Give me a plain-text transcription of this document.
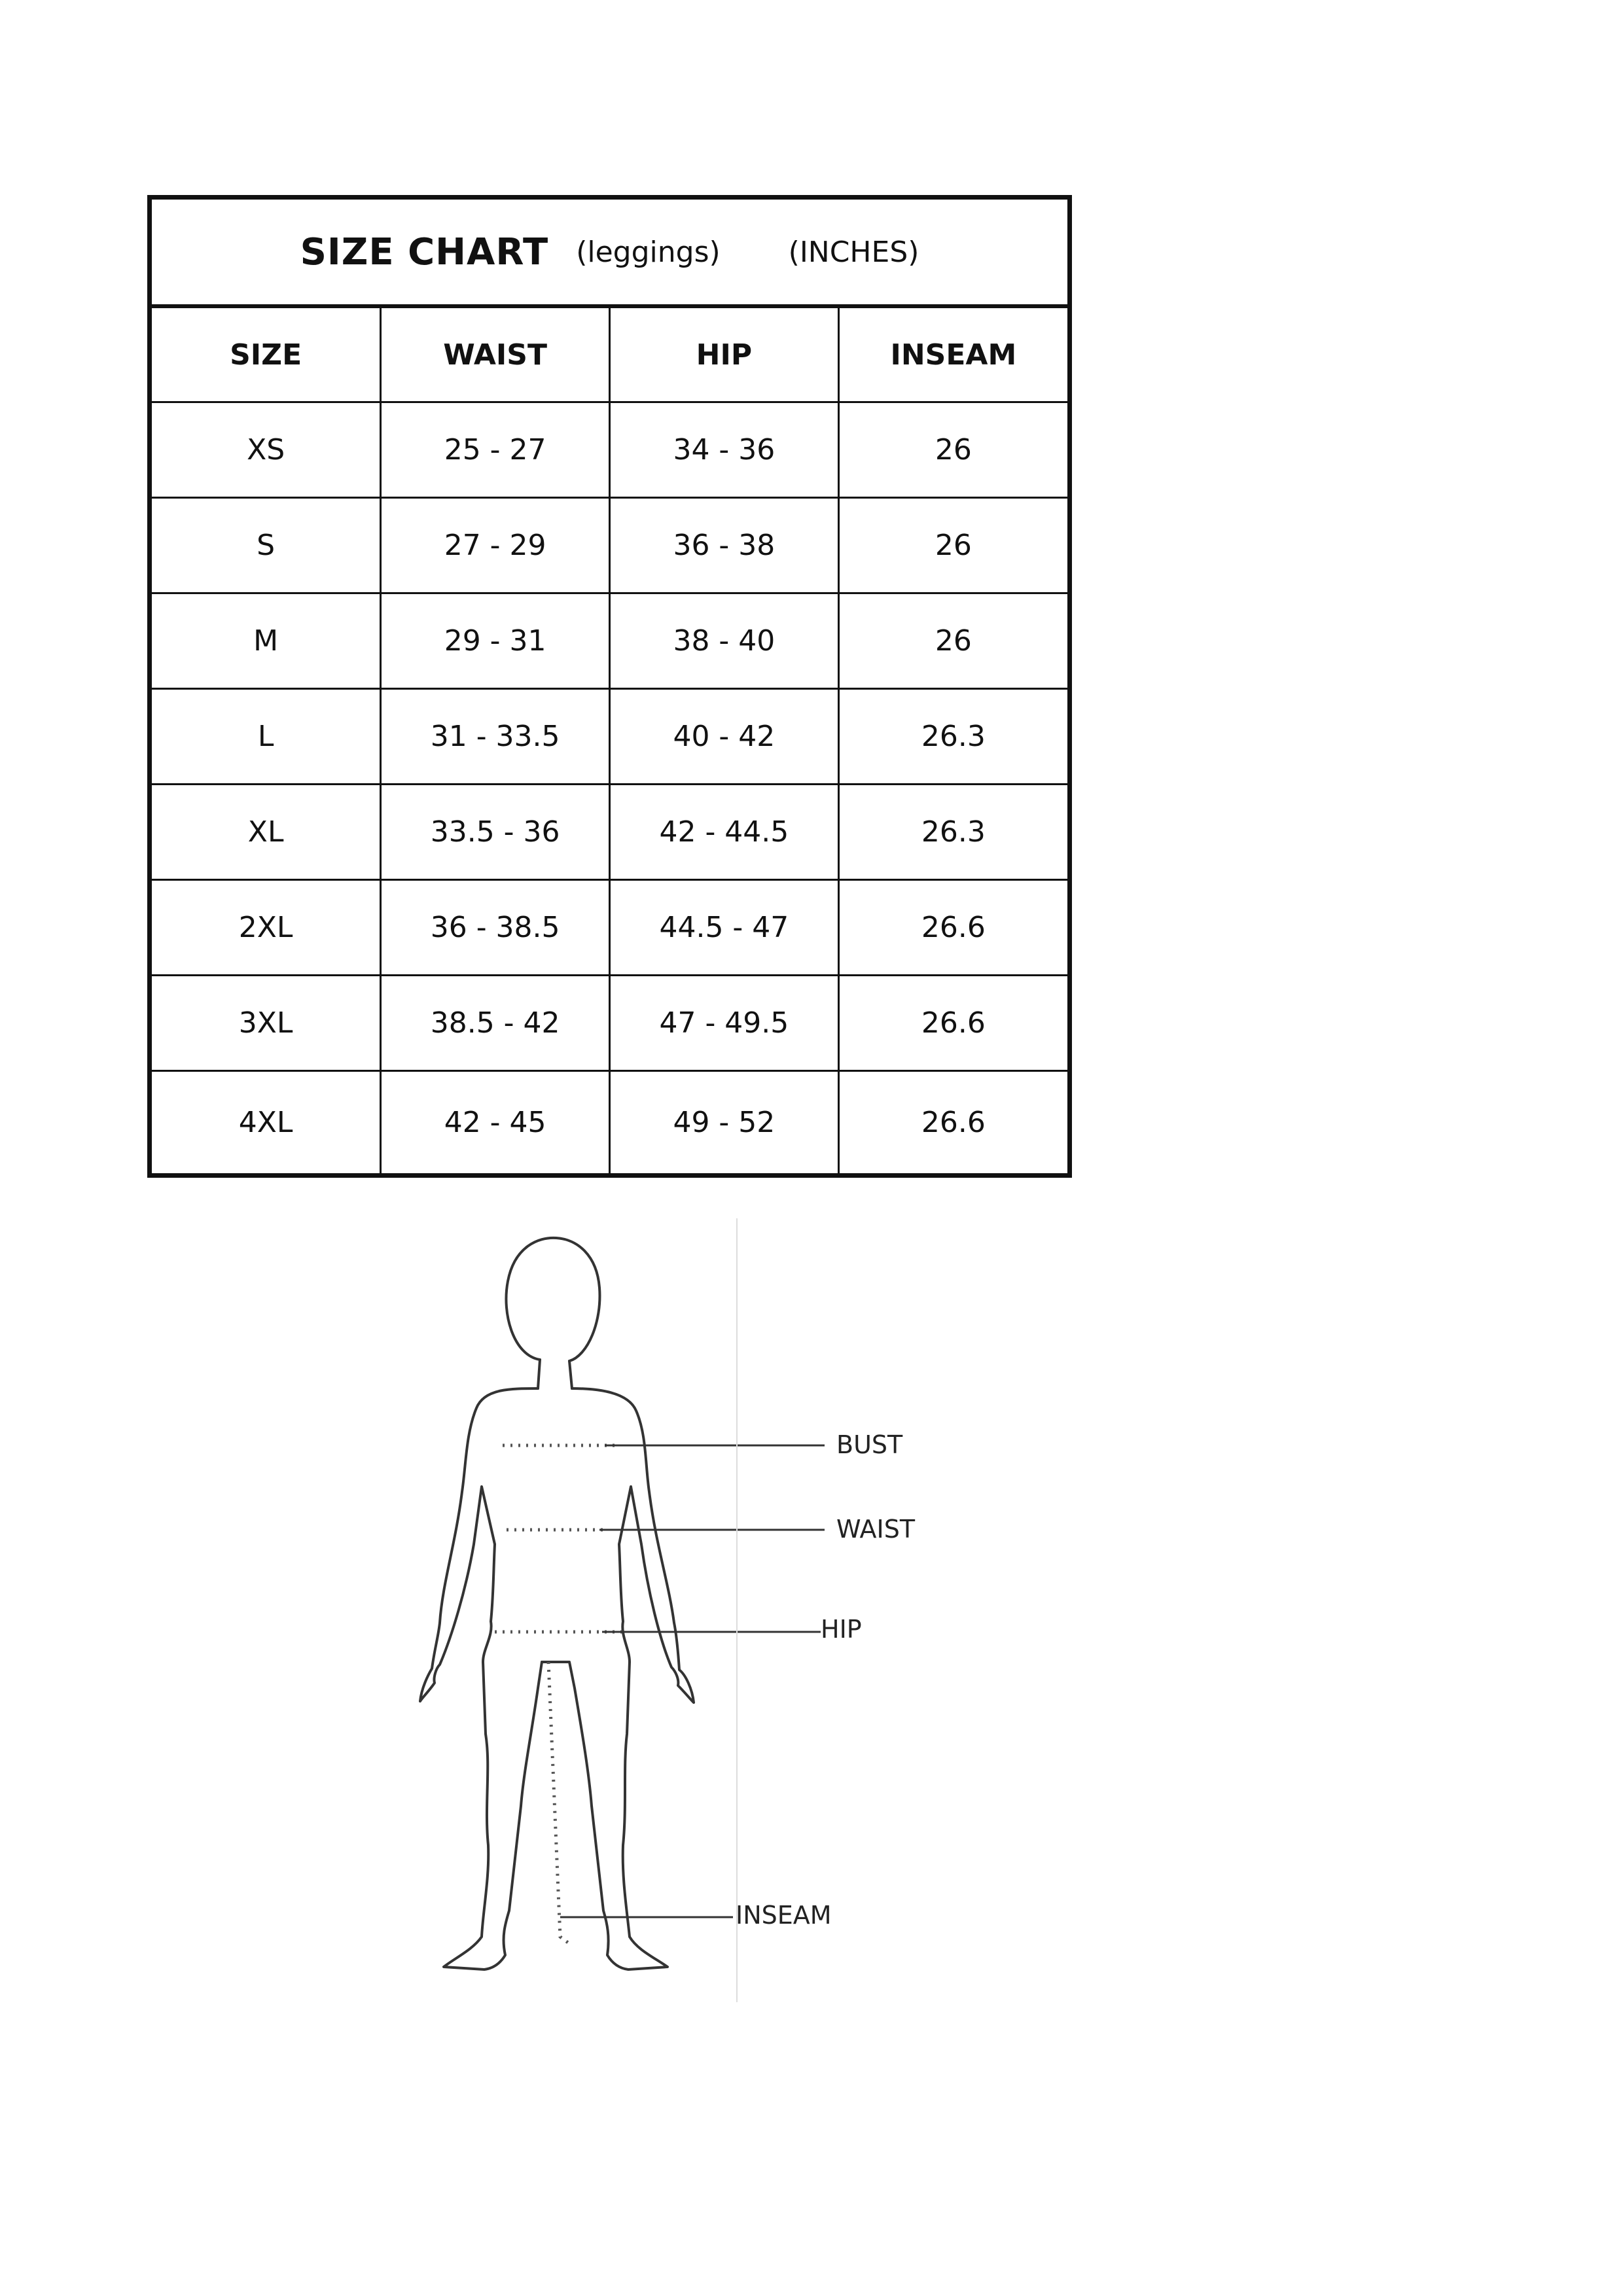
SIZE CHART (leggings) (INCHES)
SIZE	WAIST	HIP	INSEAM
XS	25 - 27	34 - 36	26
S	27 - 29	36 - 38	26
M	29 - 31	38 - 40	26
L	31 - 33.5	40 - 42	26.3
XL	33.5 - 36	42 - 44.5	26.3
2XL	36 - 38.5	44.5 - 47	26.6
3XL	38.5 - 42	47 - 49.5	26.6
4XL	42 - 45	49 - 52	26.6
BUST
WAIST
HIP
INSEAM
